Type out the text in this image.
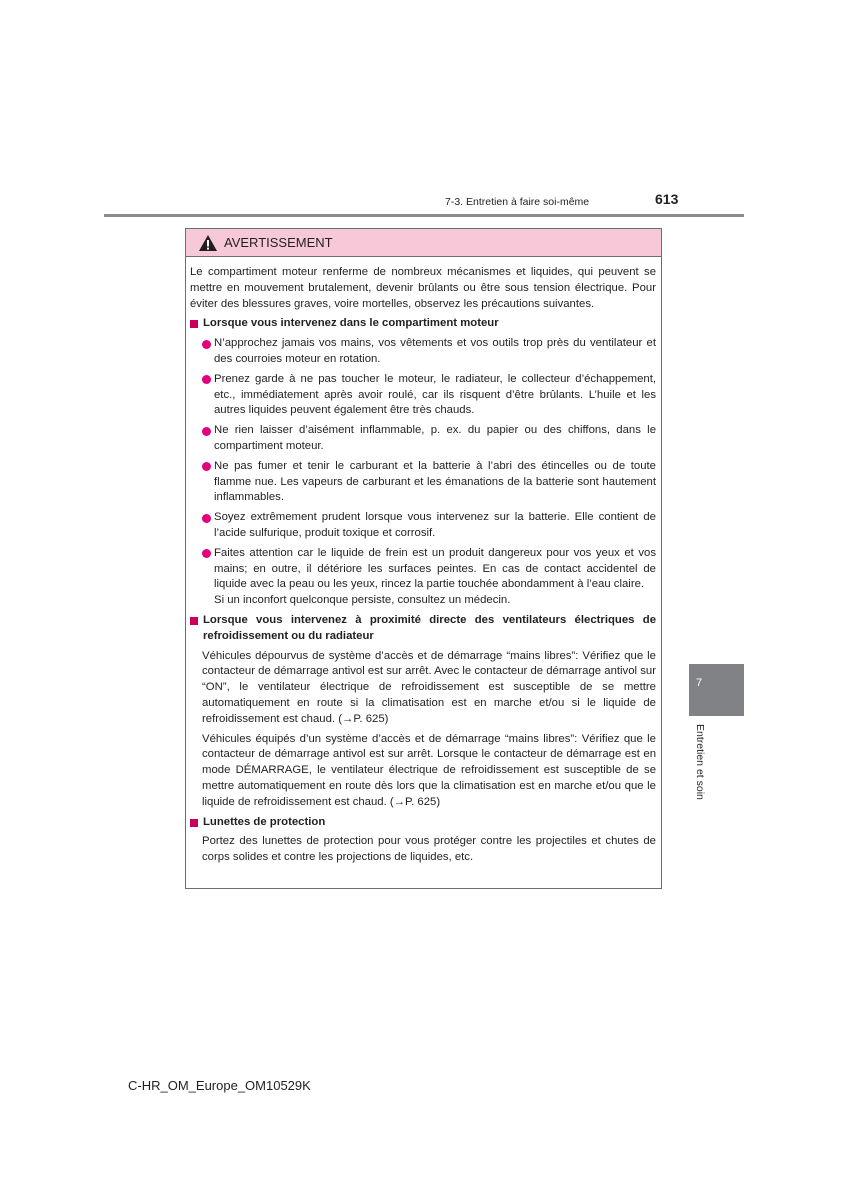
7-3. Entretien à faire soi-même	613
AVERTISSEMENT

Le compartiment moteur renferme de nombreux mécanismes et liquides, qui peuvent se mettre en mouvement brutalement, devenir brûlants ou être sous tension électrique. Pour éviter des blessures graves, voire mortelles, observez les précautions suivantes.

Lorsque vous intervenez dans le compartiment moteur
N’approchez jamais vos mains, vos vêtements et vos outils trop près du ventilateur et des courroies moteur en rotation.
Prenez garde à ne pas toucher le moteur, le radiateur, le collecteur d’échappement, etc., immédiatement après avoir roulé, car ils risquent d’être brûlants. L’huile et les autres liquides peuvent également être très chauds.
Ne rien laisser d’aisément inflammable, p. ex. du papier ou des chiffons, dans le compartiment moteur.
Ne pas fumer et tenir le carburant et la batterie à l’abri des étincelles ou de toute flamme nue. Les vapeurs de carburant et les émanations de la batterie sont hautement inflammables.
Soyez extrêmement prudent lorsque vous intervenez sur la batterie. Elle contient de l’acide sulfurique, produit toxique et corrosif.
Faites attention car le liquide de frein est un produit dangereux pour vos yeux et vos mains; en outre, il détériore les surfaces peintes. En cas de contact accidentel de liquide avec la peau ou les yeux, rincez la partie touchée abondamment à l’eau claire.
Si un inconfort quelconque persiste, consultez un médecin.
Lorsque vous intervenez à proximité directe des ventilateurs électriques de refroidissement ou du radiateur

Véhicules dépourvus de système d’accès et de démarrage “mains libres”: Vérifiez que le contacteur de démarrage antivol est sur arrêt. Avec le contacteur de démarrage antivol sur “ON”, le ventilateur électrique de refroidissement est susceptible de se mettre automatiquement en route si la climatisation est en marche et/ou si le liquide de refroidissement est chaud. (→P. 625)

Véhicules équipés d’un système d’accès et de démarrage “mains libres”: Vérifiez que le contacteur de démarrage antivol est sur arrêt. Lorsque le contacteur de démarrage est en mode DÉMARRAGE, le ventilateur électrique de refroidissement est susceptible de se mettre automatiquement en route dès lors que la climatisation est en marche et/ou que le liquide de refroidissement est chaud. (→P. 625)

Lunettes de protection

Portez des lunettes de protection pour vous protéger contre les projectiles et chutes de corps solides et contre les projections de liquides, etc.

7
Entretien et soin
C-HR_OM_Europe_OM10529K
